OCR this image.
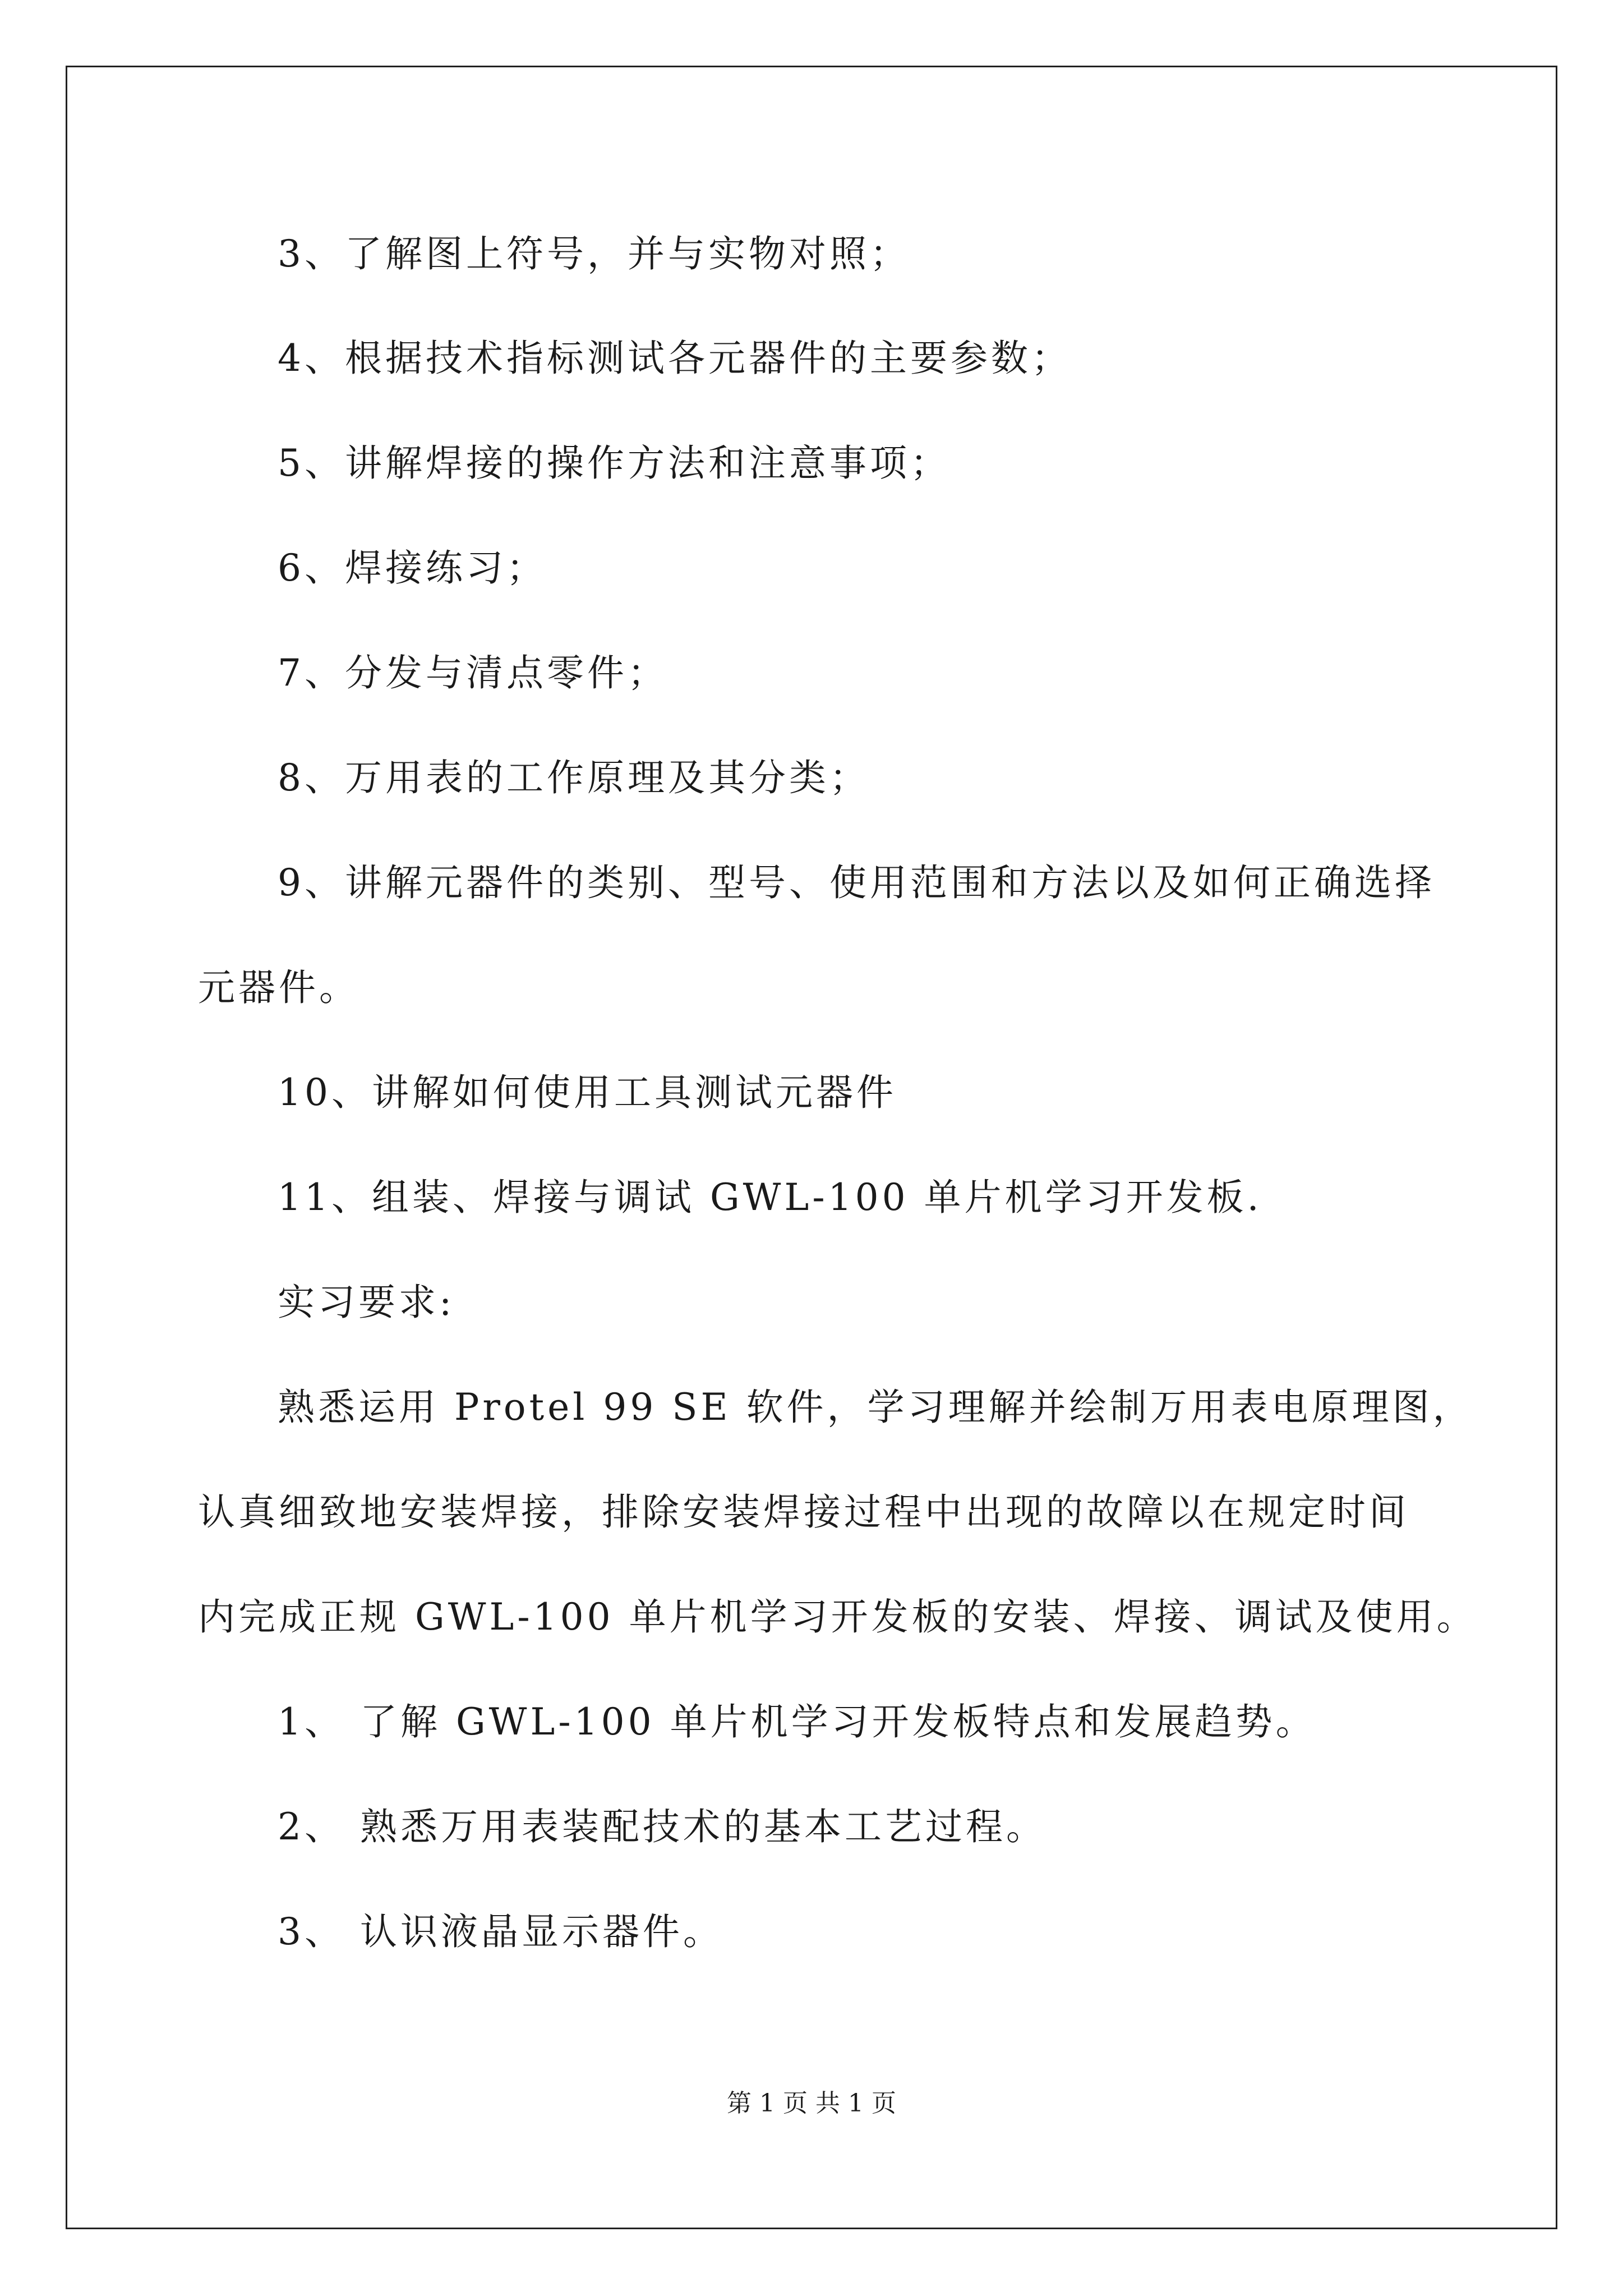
3、了解图上符号，并与实物对照；
4、根据技术指标测试各元器件的主要参数；
5、讲解焊接的操作方法和注意事项；
6、焊接练习；
7、分发与清点零件；
8、万用表的工作原理及其分类；
9、讲解元器件的类别、型号、使用范围和方法以及如何正确选择
元器件。
10、讲解如何使用工具测试元器件
11、组装、焊接与调试 GWL-100 单片机学习开发板.
实习要求:
熟悉运用 Protel 99 SE 软件，学习理解并绘制万用表电原理图，
认真细致地安装焊接，排除安装焊接过程中出现的故障以在规定时间
内完成正规 GWL-100 单片机学习开发板的安装、焊接、调试及使用。
1、 了解 GWL-100 单片机学习开发板特点和发展趋势。
2、 熟悉万用表装配技术的基本工艺过程。
3、 认识液晶显示器件。
第 1 页 共 1 页
